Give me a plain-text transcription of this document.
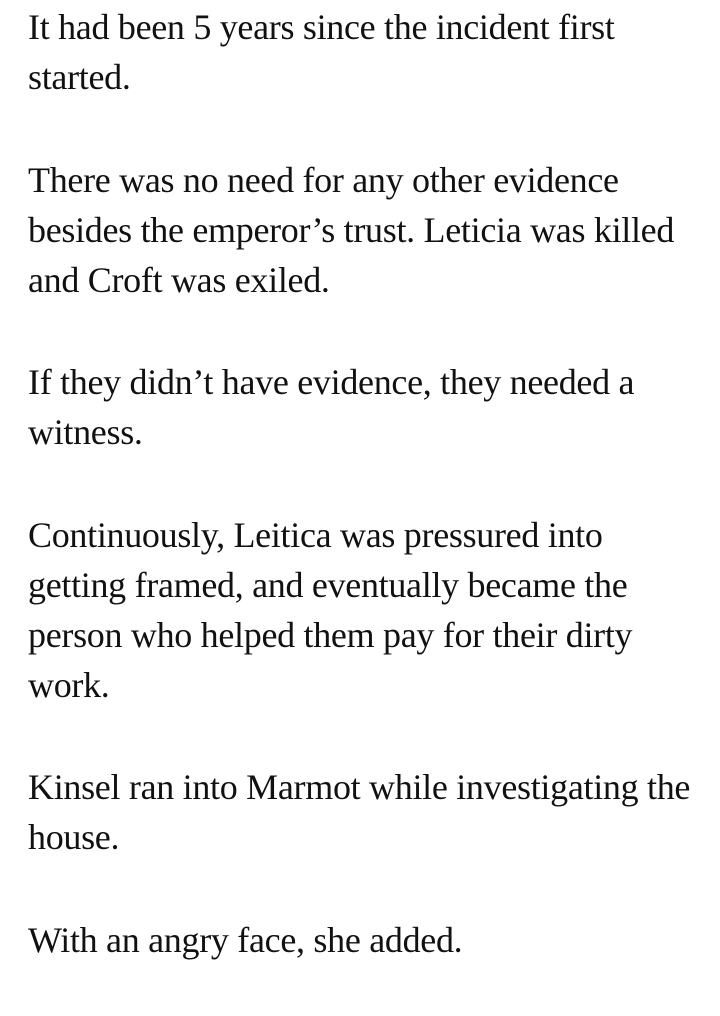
It had been 5 years since the incident first started.

There was no need for any other evidence besides the emperor’s trust. Leticia was killed and Croft was exiled.

If they didn’t have evidence, they needed a witness.

Continuously, Leitica was pressured into getting framed, and eventually became the person who helped them pay for their dirty work.

Kinsel ran into Marmot while investigating the house.

With an angry face, she added.
